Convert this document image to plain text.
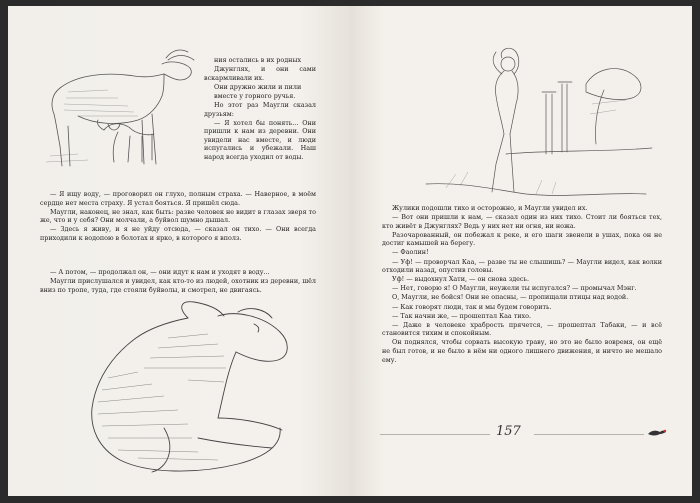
ния остались в их родных

Джунглях, и они сами вскармливали их.

Они дружно жили и пили

вместе у горного ручья.

Но этот раз Маугли сказал друзьям:

— Я хотел бы понять... Они пришли к нам из деревни. Они увидели нас вместе, и люди испугались и убежали. Наш народ всегда уходил от воды.

— Я ищу воду, — проговорил он глухо, полным страха. — Наверное, в моём сердце нет места страху. Я устал бояться. Я пришёл сюда.

Маугли, наконец, не знал, как быть: разве человек не видит в глазах зверя то же, что и у себя? Они молчали, а буйвол шумно дышал.

— Здесь я живу, и я не уйду отсюда, — сказал он тихо. — Они всегда приходили к водопою в болотах и ярко, в которого я вполз.

— А потом, — продолжал он, — они идут к нам и уходят в воду...

Маугли прислушался и увидел, как кто-то из людей, охотник из деревни, шёл вниз по тропе, туда, где стояли буйволы, и смотрел, не двигаясь.

Жулики подошли тихо и осторожно, и Маугли увидел их.

— Вот они пришли к нам, — сказал один из них тихо. Стоит ли бояться тех, кто живёт в Джунглях? Ведь у них нет ни огня, ни ножа.

Разочарованный, он побежал к реке, и его шаги звенели в ушах, пока он не достиг камышей на берегу.

— Фаолин!

— Уф! — проворчал Каа, — разве ты не слышишь? — Маугли видел, как волки отходили назад, опустив головы.

Уф! — выдохнул Хати, — он снова здесь.

— Нет, говорю я! О Маугли, неужели ты испугался? — промычал Мэнг.

О, Маугли, не бойся! Они не опасны, — пропищали птицы над водой.

— Как говорят люди, так и мы будем говорить.

— Так начни же, — прошептал Каа тихо.

— Даже в человеке храбрость прячется, — прошептал Табаки, — и всё становится тихим и спокойным.

Он поднялся, чтобы сорвать высокую траву, но это не было вовремя, он ещё не был готов, и не было в нём ни одного лишнего движения, и ничто не мешало ему.

157
